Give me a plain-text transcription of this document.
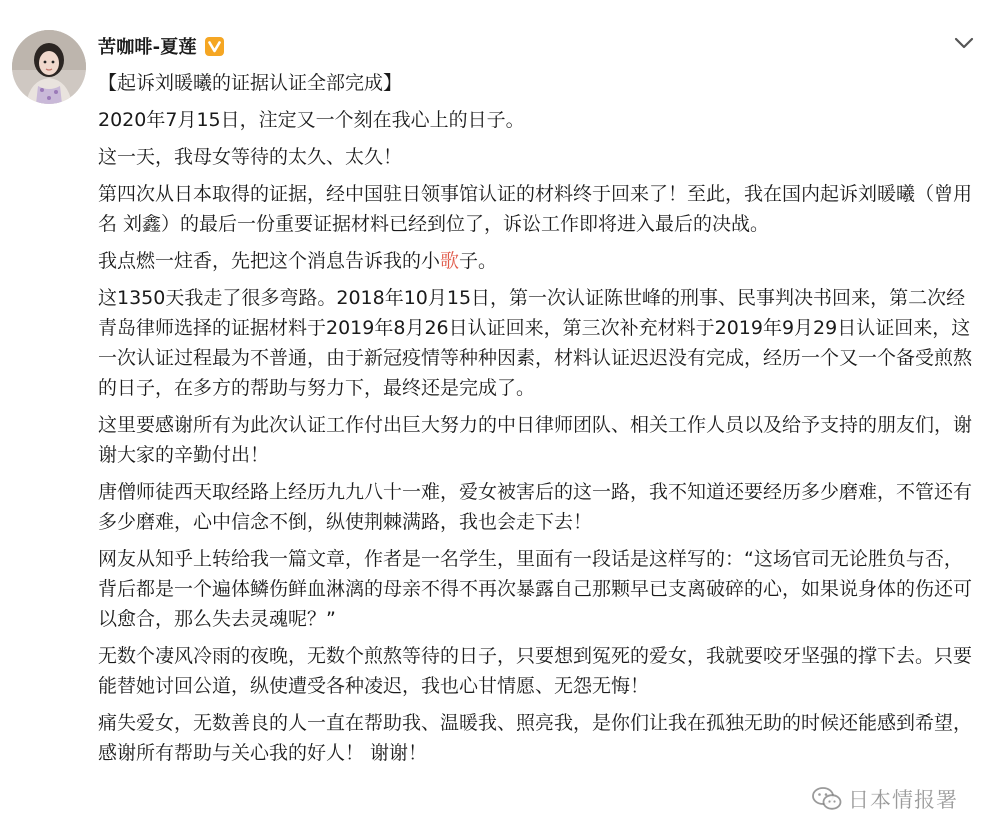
苦咖啡-夏莲

【起诉刘暖曦的证据认证全部完成】

2020年7月15日，注定又一个刻在我心上的日子。

这一天，我母女等待的太久、太久！

第四次从日本取得的证据，经中国驻日领事馆认证的材料终于回来了！至此，我在国内起诉刘暖曦（曾用名 刘鑫）的最后一份重要证据材料已经到位了，诉讼工作即将进入最后的决战。

我点燃一炷香，先把这个消息告诉我的小歌子。

这1350天我走了很多弯路。2018年10月15日，第一次认证陈世峰的刑事、民事判决书回来，第二次经青岛律师选择的证据材料于2019年8月26日认证回来，第三次补充材料于2019年9月29日认证回来，这一次认证过程最为不普通，由于新冠疫情等种种因素，材料认证迟迟没有完成，经历一个又一个备受煎熬的日子，在多方的帮助与努力下，最终还是完成了。

这里要感谢所有为此次认证工作付出巨大努力的中日律师团队、相关工作人员以及给予支持的朋友们，谢谢大家的辛勤付出！

唐僧师徒西天取经路上经历九九八十一难，爱女被害后的这一路，我不知道还要经历多少磨难，不管还有多少磨难，心中信念不倒，纵使荆棘满路，我也会走下去！

网友从知乎上转给我一篇文章，作者是一名学生，里面有一段话是这样写的：“这场官司无论胜负与否，背后都是一个遍体鳞伤鲜血淋漓的母亲不得不再次暴露自己那颗早已支离破碎的心，如果说身体的伤还可以愈合，那么失去灵魂呢？”

无数个凄风冷雨的夜晚，无数个煎熬等待的日子，只要想到冤死的爱女，我就要咬牙坚强的撑下去。只要能替她讨回公道，纵使遭受各种凌迟，我也心甘情愿、无怨无悔！

痛失爱女，无数善良的人一直在帮助我、温暖我、照亮我，是你们让我在孤独无助的时候还能感到希望，感谢所有帮助与关心我的好人！ 谢谢！

日本情报署
